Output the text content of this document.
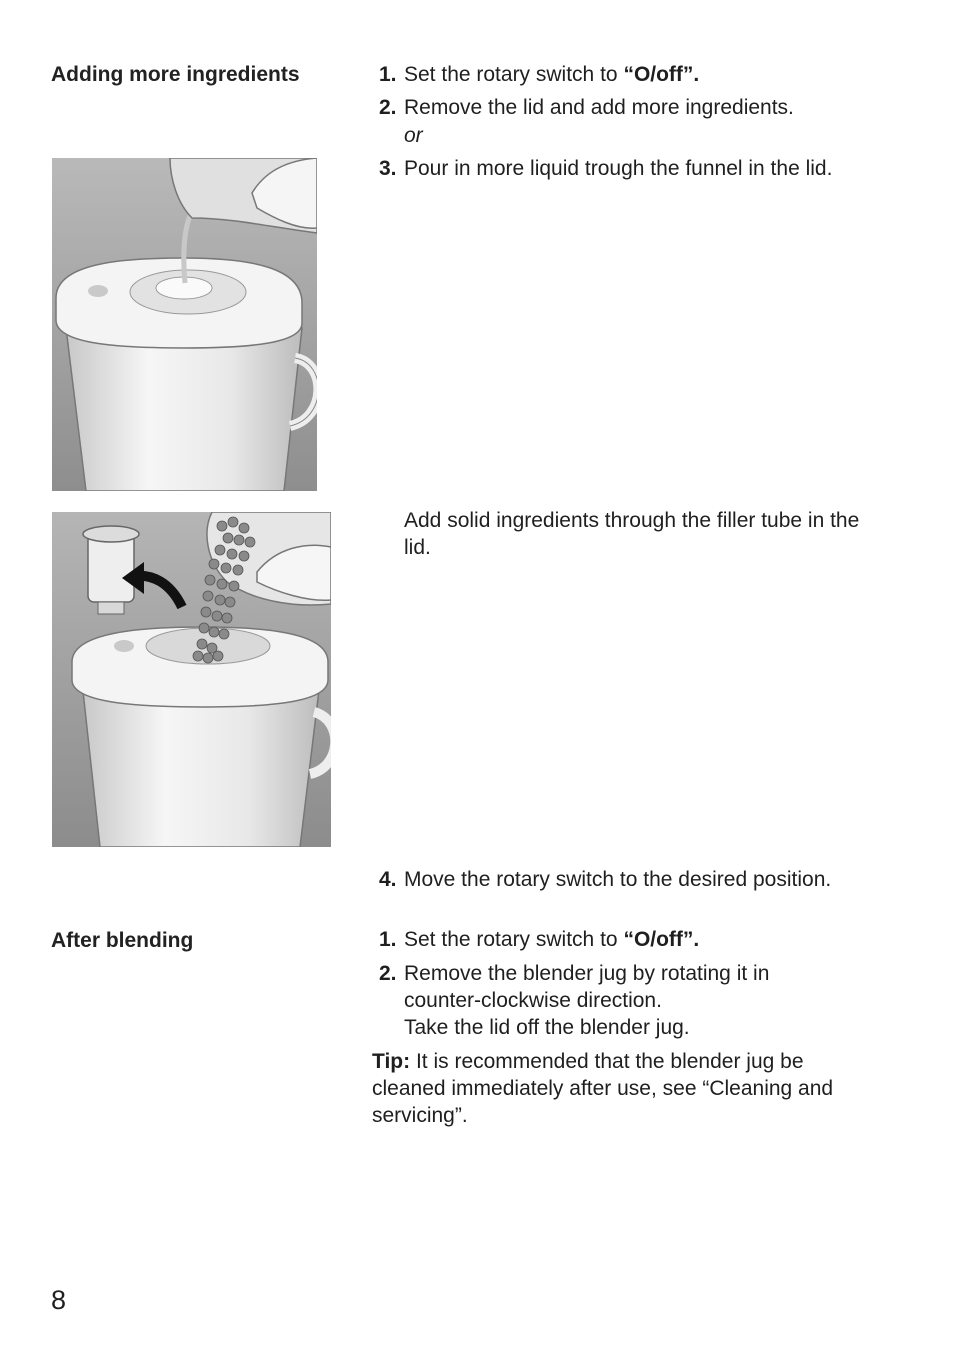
Adding more ingredients	1. Set the rotary switch to “O/off”.
2. Remove the lid and add more ingredients.
or
3. Pour in more liquid trough the funnel in the lid.
Add solid ingredients through the filler tube in the
lid.
4. Move the rotary switch to the desired position.
After blending	1. Set the rotary switch to “O/off”.
2. Remove the blender jug by rotating it in
counter-clockwise direction.
Take the lid off the blender jug.
Tip: It is recommended that the blender jug be
cleaned immediately after use, see “Cleaning and
servicing”.
8
